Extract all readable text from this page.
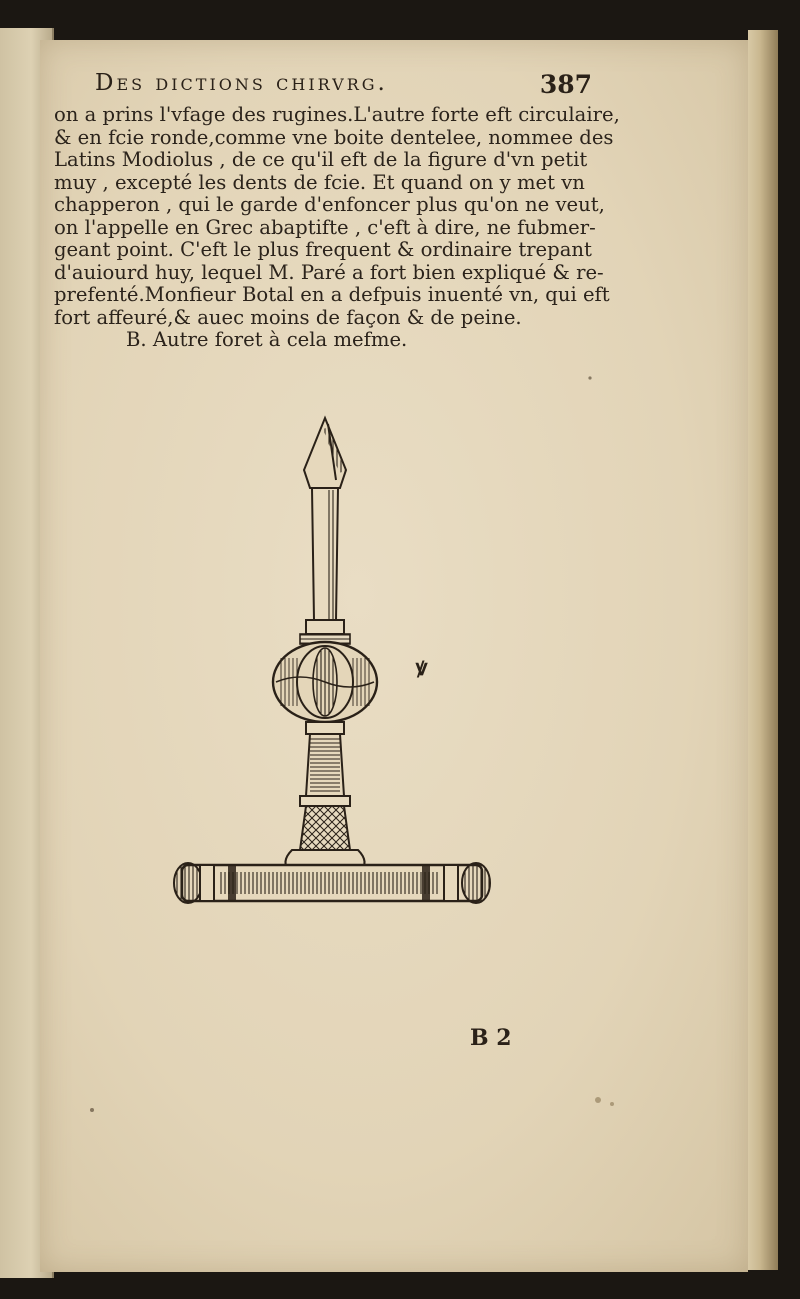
Des dictions chirvrg.	387
on a prins l'vfage des rugines.L'autre forte eft circulaire,
& en fcie ronde,comme vne boite dentelee, nommee des
Latins Modiolus , de ce qu'il eft de la figure d'vn petit
muy , excepté les dents de fcie. Et quand on y met vn
chapperon , qui le garde d'enfoncer plus qu'on ne veut,
on l'appelle en Grec abaptifte , c'eft à dire, ne fubmer-
geant point. C'eft le plus frequent & ordinaire trepant
d'auiourd huy, lequel M. Paré a fort bien expliqué & re-
prefenté.Monfieur Botal en a defpuis inuenté vn, qui eft
fort affeuré,& auec moins de façon & de peine.
B. Autre foret à cela mefme.
ꝟ
B 2
